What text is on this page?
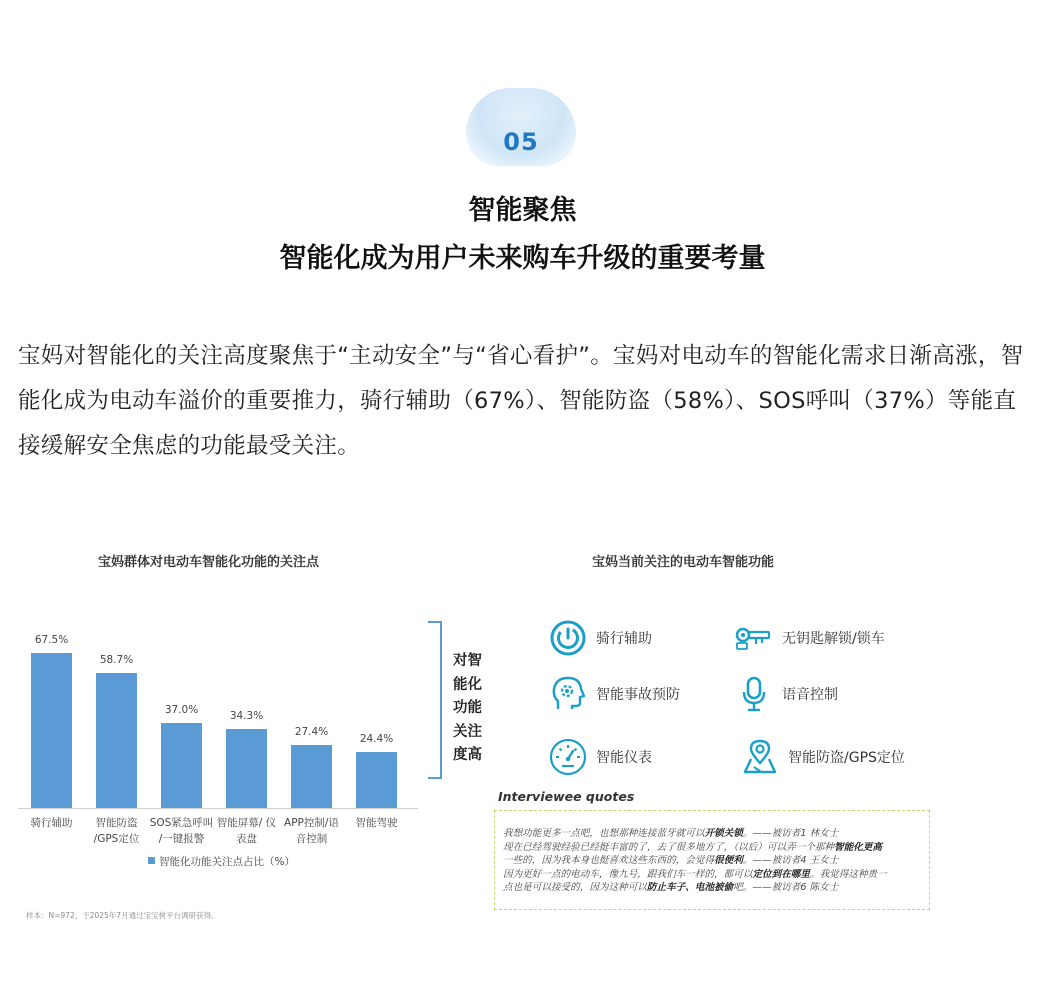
05
智能聚焦
智能化成为用户未来购车升级的重要考量
宝妈对智能化的关注高度聚焦于“主动安全”与“省心看护”。宝妈对电动车的智能化需求日渐高涨，智能化成为电动车溢价的重要推力，骑行辅助（67%）、智能防盗（58%）、SOS呼叫（37%）等能直接缓解安全焦虑的功能最受关注。
宝妈群体对电动车智能化功能的关注点
67.5%
骑行辅助
58.7%
智能防盗
/GPS定位
37.0%
SOS紧急呼叫
/一键报警
34.3%
智能屏幕/ 仪
表盘
27.4%
APP控制/语
音控制
24.4%
智能驾驶
智能化功能关注点占比（%）
样本：N=972，于2025年7月通过宝宝树平台调研获得。
对智
能化
功能
关注
度高
宝妈当前关注的电动车智能功能
骑行辅助	无钥匙解锁/锁车
智能事故预防	语音控制
智能仪表	智能防盗/GPS定位
Interviewee quotes
我想功能更多一点吧，也想那种连接蓝牙就可以开锁关锁。——被访者1 林女士
现在已经驾驶经验已经挺丰富的了，去了很多地方了，（以后）可以弄一个那种智能化更高
一些的，因为我本身也挺喜欢这些东西的，会觉得很便利。——被访者4 王女士
因为更好一点的电动车，像九号，跟我们车一样的，都可以定位到在哪里。我觉得这种贵一
点也是可以接受的，因为这种可以防止车子、电池被偷吧。——被访者6 陈女士
